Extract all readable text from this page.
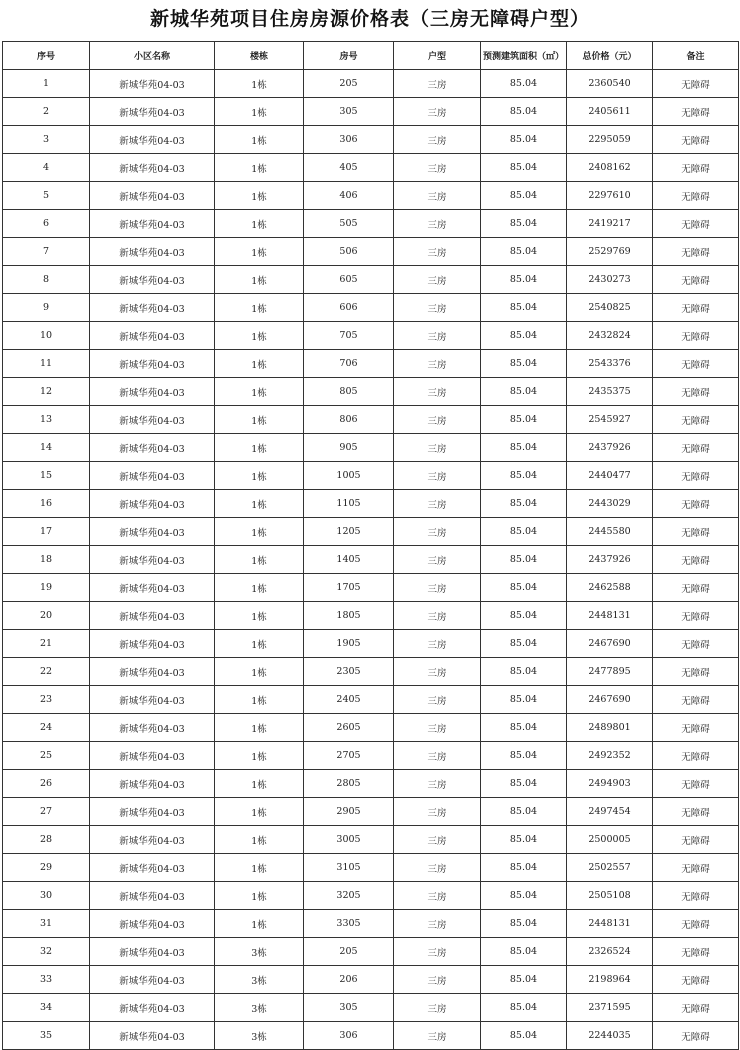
新城华苑项目住房房源价格表（三房无障碍户型）
序号	小区名称	楼栋	房号	户型	预测建筑面积（㎡）	总价格（元）	备注
1	新城华苑04-03	1栋	205	三房	85.04	2360540	无障碍
2	新城华苑04-03	1栋	305	三房	85.04	2405611	无障碍
3	新城华苑04-03	1栋	306	三房	85.04	2295059	无障碍
4	新城华苑04-03	1栋	405	三房	85.04	2408162	无障碍
5	新城华苑04-03	1栋	406	三房	85.04	2297610	无障碍
6	新城华苑04-03	1栋	505	三房	85.04	2419217	无障碍
7	新城华苑04-03	1栋	506	三房	85.04	2529769	无障碍
8	新城华苑04-03	1栋	605	三房	85.04	2430273	无障碍
9	新城华苑04-03	1栋	606	三房	85.04	2540825	无障碍
10	新城华苑04-03	1栋	705	三房	85.04	2432824	无障碍
11	新城华苑04-03	1栋	706	三房	85.04	2543376	无障碍
12	新城华苑04-03	1栋	805	三房	85.04	2435375	无障碍
13	新城华苑04-03	1栋	806	三房	85.04	2545927	无障碍
14	新城华苑04-03	1栋	905	三房	85.04	2437926	无障碍
15	新城华苑04-03	1栋	1005	三房	85.04	2440477	无障碍
16	新城华苑04-03	1栋	1105	三房	85.04	2443029	无障碍
17	新城华苑04-03	1栋	1205	三房	85.04	2445580	无障碍
18	新城华苑04-03	1栋	1405	三房	85.04	2437926	无障碍
19	新城华苑04-03	1栋	1705	三房	85.04	2462588	无障碍
20	新城华苑04-03	1栋	1805	三房	85.04	2448131	无障碍
21	新城华苑04-03	1栋	1905	三房	85.04	2467690	无障碍
22	新城华苑04-03	1栋	2305	三房	85.04	2477895	无障碍
23	新城华苑04-03	1栋	2405	三房	85.04	2467690	无障碍
24	新城华苑04-03	1栋	2605	三房	85.04	2489801	无障碍
25	新城华苑04-03	1栋	2705	三房	85.04	2492352	无障碍
26	新城华苑04-03	1栋	2805	三房	85.04	2494903	无障碍
27	新城华苑04-03	1栋	2905	三房	85.04	2497454	无障碍
28	新城华苑04-03	1栋	3005	三房	85.04	2500005	无障碍
29	新城华苑04-03	1栋	3105	三房	85.04	2502557	无障碍
30	新城华苑04-03	1栋	3205	三房	85.04	2505108	无障碍
31	新城华苑04-03	1栋	3305	三房	85.04	2448131	无障碍
32	新城华苑04-03	3栋	205	三房	85.04	2326524	无障碍
33	新城华苑04-03	3栋	206	三房	85.04	2198964	无障碍
34	新城华苑04-03	3栋	305	三房	85.04	2371595	无障碍
35	新城华苑04-03	3栋	306	三房	85.04	2244035	无障碍
